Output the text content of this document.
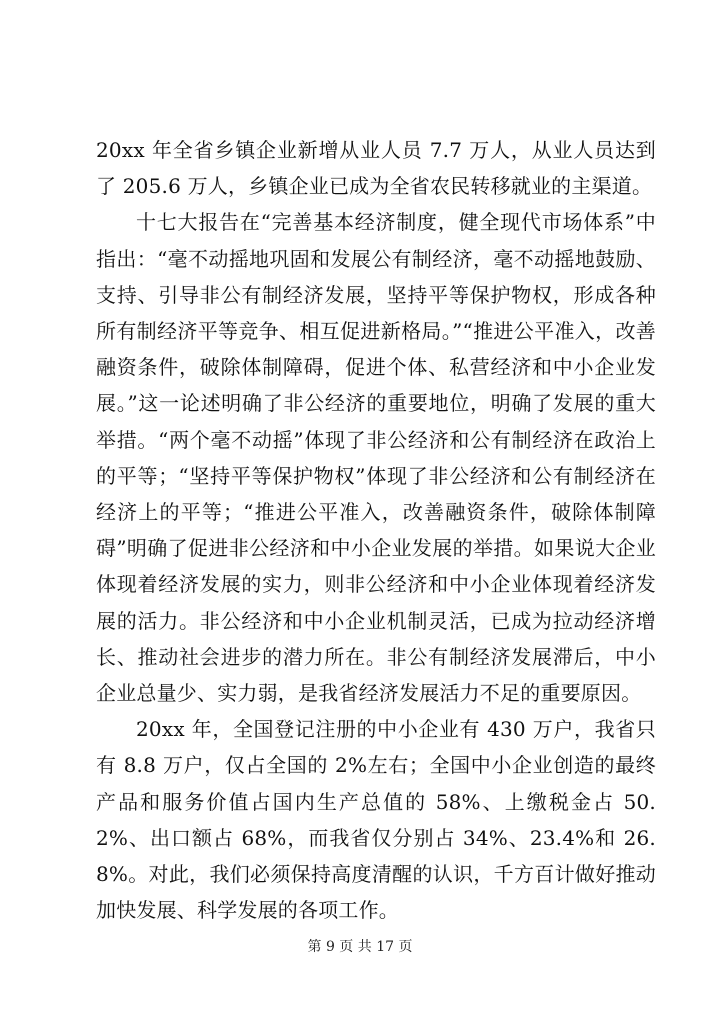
20xx 年全省乡镇企业新增从业人员 7.7 万人，从业人员达到了 205.6 万人，乡镇企业已成为全省农民转移就业的主渠道。

十七大报告在“完善基本经济制度，健全现代市场体系”中指出：“毫不动摇地巩固和发展公有制经济，毫不动摇地鼓励、支持、引导非公有制经济发展，坚持平等保护物权，形成各种所有制经济平等竞争、相互促进新格局。”“推进公平准入，改善融资条件，破除体制障碍，促进个体、私营经济和中小企业发展。”这一论述明确了非公经济的重要地位，明确了发展的重大举措。“两个毫不动摇”体现了非公经济和公有制经济在政治上的平等；“坚持平等保护物权”体现了非公经济和公有制经济在经济上的平等；“推进公平准入，改善融资条件，破除体制障碍”明确了促进非公经济和中小企业发展的举措。如果说大企业体现着经济发展的实力，则非公经济和中小企业体现着经济发展的活力。非公经济和中小企业机制灵活，已成为拉动经济增长、推动社会进步的潜力所在。非公有制经济发展滞后，中小企业总量少、实力弱，是我省经济发展活力不足的重要原因。

20xx 年，全国登记注册的中小企业有 430 万户，我省只有 8.8 万户，仅占全国的 2%左右；全国中小企业创造的最终产品和服务价值占国内生产总值的 58%、上缴税金占 50.2%、出口额占 68%，而我省仅分别占 34%、23.4%和 26.8%。对此，我们必须保持高度清醒的认识，千方百计做好推动加快发展、科学发展的各项工作。

第 9 页 共 17 页
